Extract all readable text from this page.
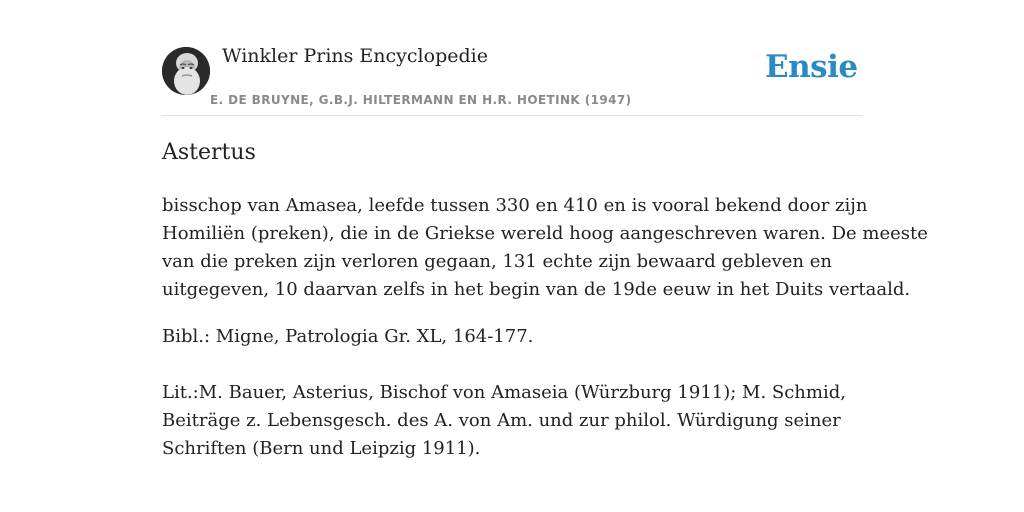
Winkler Prins Encyclopedie
E. DE BRUYNE, G.B.J. HILTERMANN EN H.R. HOETINK (1947)
Ensie
Astertus

bisschop van Amasea, leefde tussen 330 en 410 en is vooral bekend door zijn
Homiliën (preken), die in de Griekse wereld hoog aangeschreven waren. De meeste
van die preken zijn verloren gegaan, 131 echte zijn bewaard gebleven en
uitgegeven, 10 daarvan zelfs in het begin van de 19de eeuw in het Duits vertaald.

Bibl.: Migne, Patrologia Gr. XL, 164-177.

Lit.:M. Bauer, Asterius, Bischof von Amaseia (Würzburg 1911); M. Schmid,
Beiträge z. Lebensgesch. des A. von Am. und zur philol. Würdigung seiner
Schriften (Bern und Leipzig 1911).
